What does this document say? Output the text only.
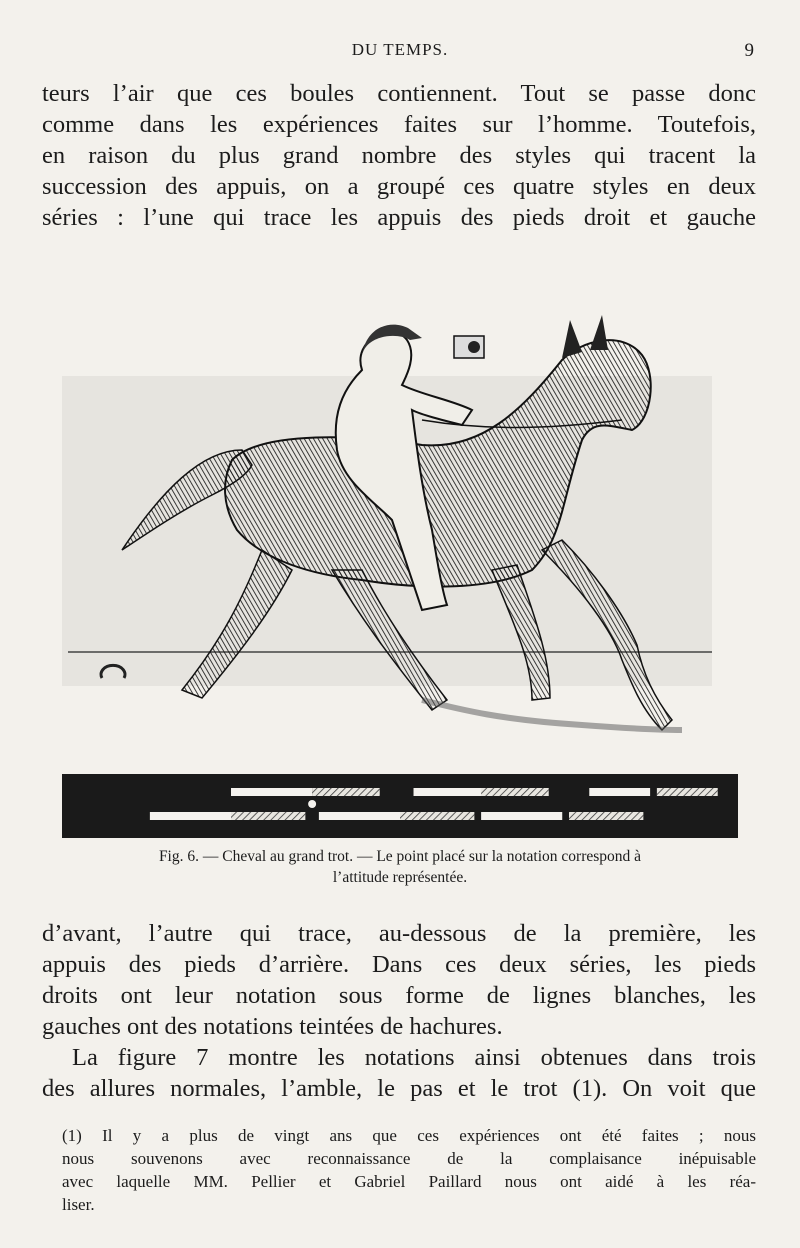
DU TEMPS.	9
teurs l’air que ces boules contiennent. Tout se passe donc
comme dans les expériences faites sur l’homme. Toutefois,
en raison du plus grand nombre des styles qui tracent la
succession des appuis, on a groupé ces quatre styles en deux
séries : l’une qui trace les appuis des pieds droit et gauche
Fig. 6. — Cheval au grand trot. — Le point placé sur la notation correspond à
l’attitude représentée.
d’avant, l’autre qui trace, au-dessous de la première, les
appuis des pieds d’arrière. Dans ces deux séries, les pieds
droits ont leur notation sous forme de lignes blanches, les
gauches ont des notations teintées de hachures.
La figure 7 montre les notations ainsi obtenues dans trois
des allures normales, l’amble, le pas et le trot (1). On voit que
(1) Il y a plus de vingt ans que ces expériences ont été faites ; nous
nous souvenons avec reconnaissance de la complaisance inépuisable
avec laquelle MM. Pellier et Gabriel Paillard nous ont aidé à les réa-
liser.
